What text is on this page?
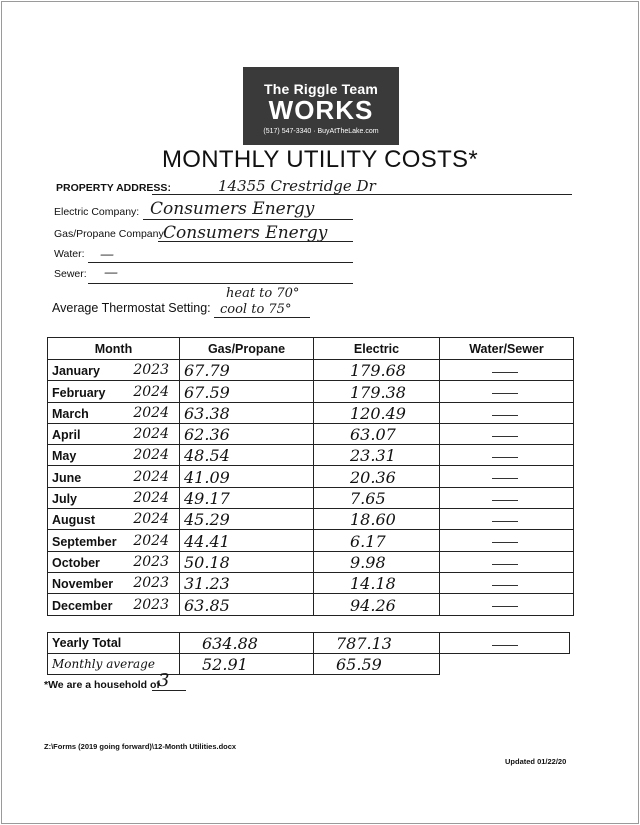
The Riggle Team
WORKS
(517) 547-3340 · BuyAtTheLake.com
MONTHLY UTILITY COSTS*
PROPERTY ADDRESS:	14355 Crestridge Dr
Electric Company: Consumers Energy
Gas/Propane Company:
Consumers Energy
Water: —
Sewer: —
Average Thermostat Setting:
heat to 70°
cool to 75°
Month	Gas/Propane	Electric	Water/Sewer
January 2023	67.79	179.68	

February 2024	67.59	179.38	

March 2024	63.38	120.49	

April 2024	62.36	63.07	

May 2024	48.54	23.31	

June 2024	41.09	20.36	

July 2024	49.17	7.65	

August 2024	45.29	18.60	

September 2024	44.41	6.17	

October 2023	50.18	9.98	

November 2023	31.23	14.18	

December 2023	63.85	94.26	
Yearly Total	634.88	787.13	

Monthly average	52.91	65.59	
*We are a household of
3
Z:\Forms (2019 going forward)\12-Month Utilities.docx
Updated 01/22/20
